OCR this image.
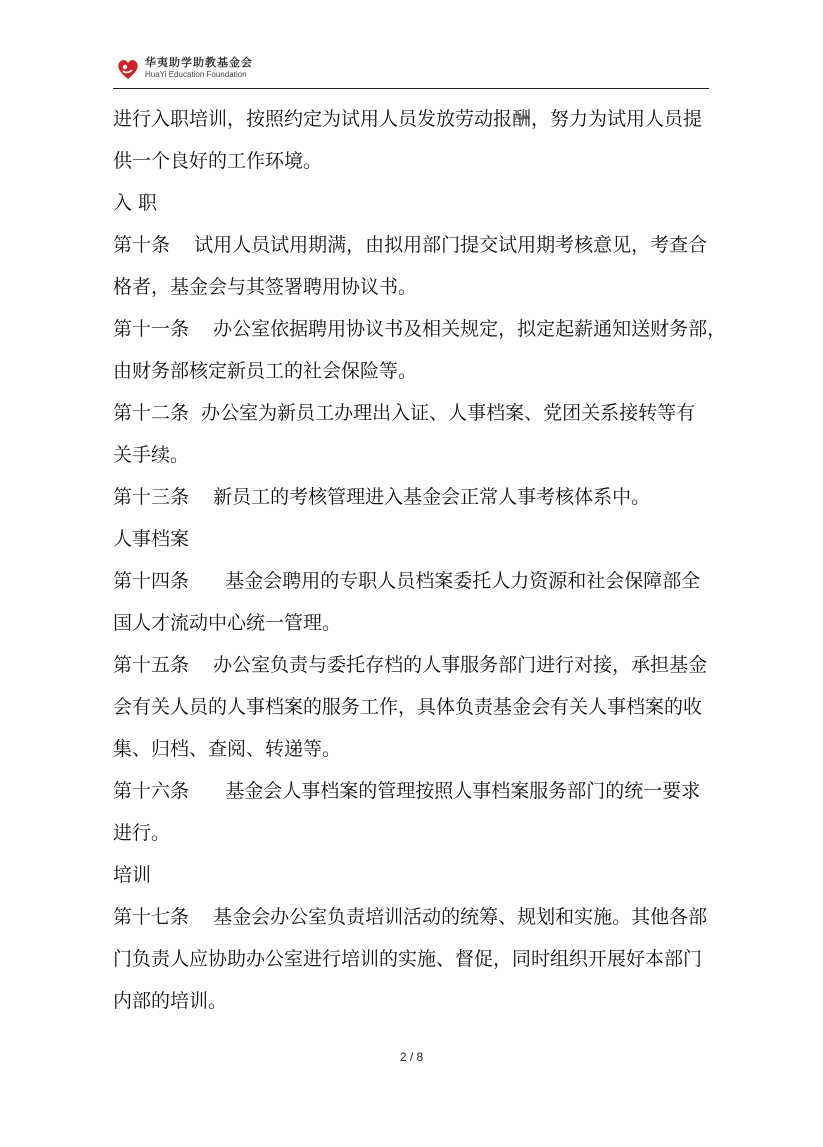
华夷助学助教基金会
HuaYi Education Foundation
进行入职培训，按照约定为试用人员发放劳动报酬，努力为试用人员提
供一个良好的工作环境。
入 职
第十条    试用人员试用期满，由拟用部门提交试用期考核意见，考查合
格者，基金会与其签署聘用协议书。
第十一条    办公室依据聘用协议书及相关规定，拟定起薪通知送财务部，
由财务部核定新员工的社会保险等。
第十二条  办公室为新员工办理出入证、人事档案、党团关系接转等有
关手续。
第十三条    新员工的考核管理进入基金会正常人事考核体系中。
人事档案
第十四条      基金会聘用的专职人员档案委托人力资源和社会保障部全
国人才流动中心统一管理。
第十五条    办公室负责与委托存档的人事服务部门进行对接，承担基金
会有关人员的人事档案的服务工作，具体负责基金会有关人事档案的收
集、归档、查阅、转递等。
第十六条      基金会人事档案的管理按照人事档案服务部门的统一要求
进行。
培训
第十七条    基金会办公室负责培训活动的统筹、规划和实施。其他各部
门负责人应协助办公室进行培训的实施、督促，同时组织开展好本部门
内部的培训。
2 / 8
